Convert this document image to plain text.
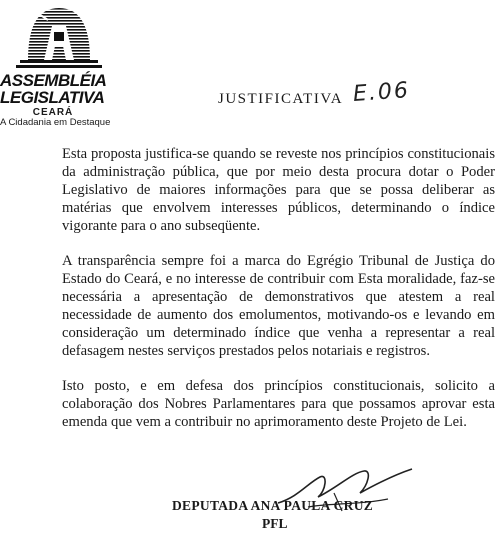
ASSEMBLÉIA
LEGISLATIVA
CEARÁ
A Cidadania em Destaque
JUSTIFICATIVA E.06

Esta proposta justifica-se quando se reveste nos princípios constitucionais da administração pública, que por meio desta procura dotar o Poder Legislativo de maiores informações para que se possa deliberar as matérias que envolvem interesses públicos, determinando o índice vigorante para o ano subseqüente.

A transparência sempre foi a marca do Egrégio Tribunal de Justiça do Estado do Ceará, e no interesse de contribuir com Esta moralidade, faz-se necessária a apresentação de demonstrativos que atestem a real necessidade de aumento dos emolumentos, motivando-os e levando em consideração um determinado índice que venha a representar a real defasagem nestes serviços prestados pelos notariais e registros.

Isto posto, e em defesa dos princípios constitucionais, solicito a colaboração dos Nobres Parlamentares para que possamos aprovar esta emenda que vem a contribuir no aprimoramento deste Projeto de Lei.

DEPUTADA ANA PAULA CRUZ
PFL
